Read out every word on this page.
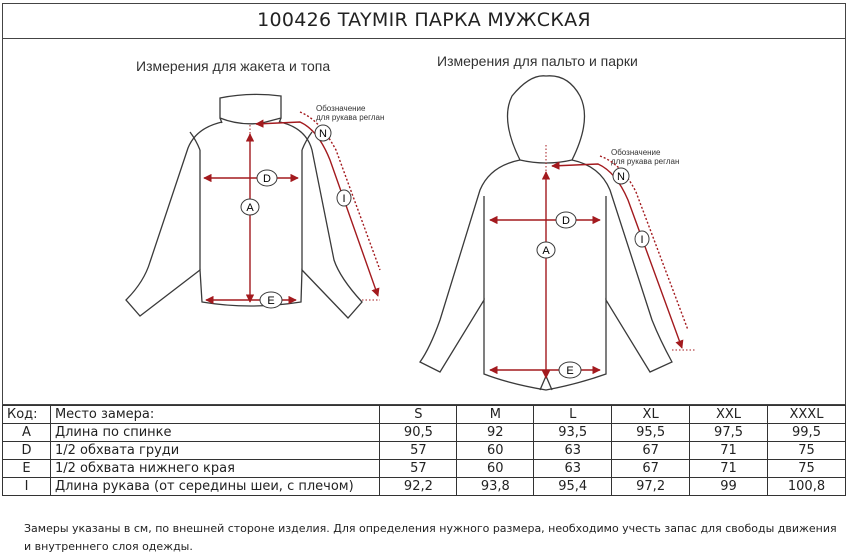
100426 TAYMIR ПАРКА МУЖСКАЯ
Измерения для жакета и топа	Измерения для пальто и парки
Обозначение
для рукава реглан
Обозначение
для рукава реглан
N
D
A
I
E
N
D
A
I
E
Код:	Место замера:	S	M	L	XL	XXL	XXXL
A	Длина по спинке	90,5	92	93,5	95,5	97,5	99,5
D	1/2 обхвата груди	57	60	63	67	71	75
E	1/2 обхвата нижнего края	57	60	63	67	71	75
I	Длина рукава (от середины шеи, с плечом)	92,2	93,8	95,4	97,2	99	100,8
Замеры указаны в см, по внешней стороне изделия. Для определения нужного размера, необходимо учесть запас для свободы движения
и внутреннего слоя одежды.
